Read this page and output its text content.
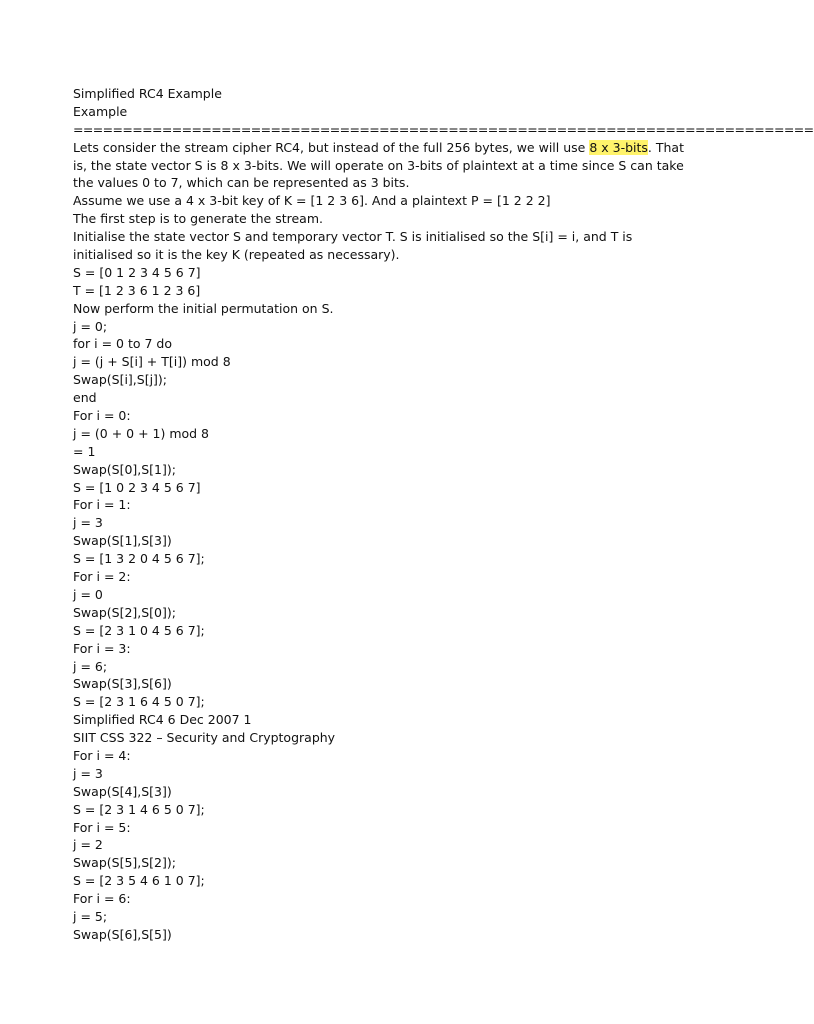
Simplified RC4 Example
Example
===========================================================================
Lets consider the stream cipher RC4, but instead of the full 256 bytes, we will use 8 x 3-bits. That
is, the state vector S is 8 x 3-bits. We will operate on 3-bits of plaintext at a time since S can take
the values 0 to 7, which can be represented as 3 bits.
Assume we use a 4 x 3-bit key of K = [1 2 3 6]. And a plaintext P = [1 2 2 2]
The first step is to generate the stream.
Initialise the state vector S and temporary vector T. S is initialised so the S[i] = i, and T is
initialised so it is the key K (repeated as necessary).
S = [0 1 2 3 4 5 6 7]
T = [1 2 3 6 1 2 3 6]
Now perform the initial permutation on S.
j = 0;
for i = 0 to 7 do
j = (j + S[i] + T[i]) mod 8
Swap(S[i],S[j]);
end
For i = 0:
j = (0 + 0 + 1) mod 8
= 1
Swap(S[0],S[1]);
S = [1 0 2 3 4 5 6 7]
For i = 1:
j = 3
Swap(S[1],S[3])
S = [1 3 2 0 4 5 6 7];
For i = 2:
j = 0
Swap(S[2],S[0]);
S = [2 3 1 0 4 5 6 7];
For i = 3:
j = 6;
Swap(S[3],S[6])
S = [2 3 1 6 4 5 0 7];
Simplified RC4 6 Dec 2007 1
SIIT CSS 322 – Security and Cryptography
For i = 4:
j = 3
Swap(S[4],S[3])
S = [2 3 1 4 6 5 0 7];
For i = 5:
j = 2
Swap(S[5],S[2]);
S = [2 3 5 4 6 1 0 7];
For i = 6:
j = 5;
Swap(S[6],S[5])
